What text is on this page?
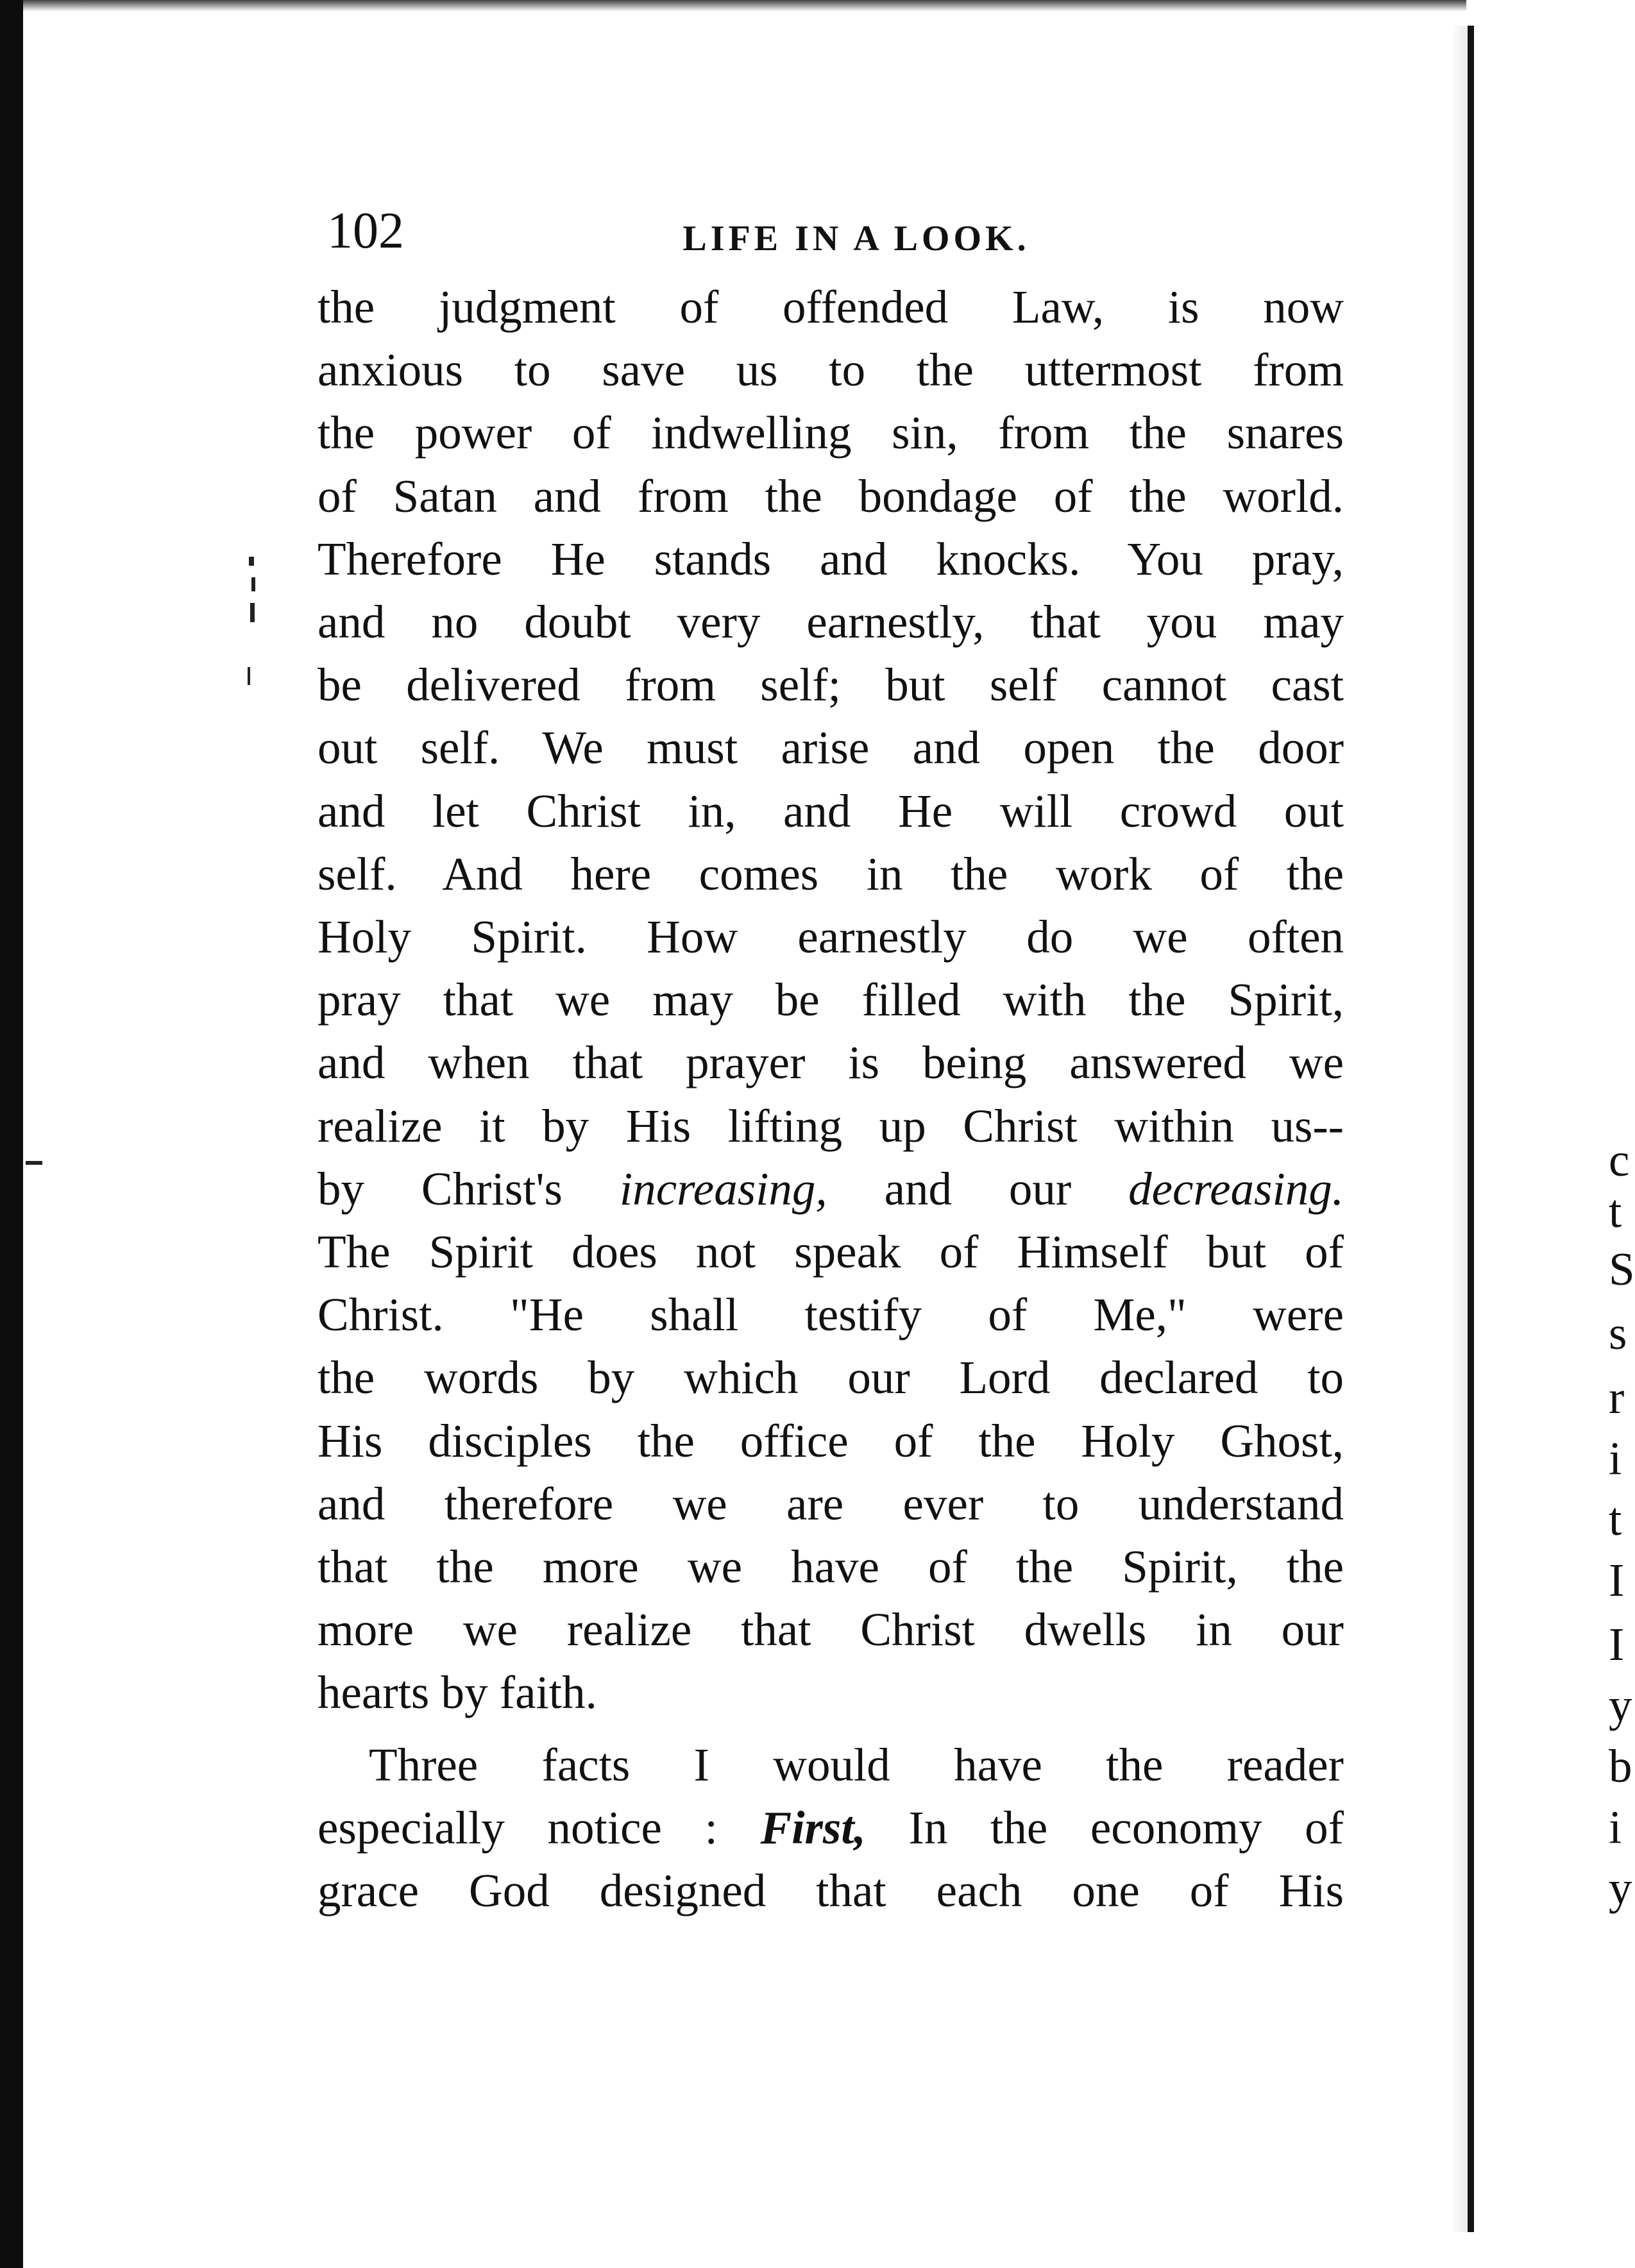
102	LIFE IN A LOOK.
the judgment of offended Law, is now
anxious to save us to the uttermost from
the power of indwelling sin, from the snares
of Satan and from the bondage of the world.
Therefore He stands and knocks. You pray,
and no doubt very earnestly, that you may
be delivered from self; but self cannot cast
out self. We must arise and open the door
and let Christ in, and He will crowd out
self. And here comes in the work of the
Holy Spirit. How earnestly do we often
pray that we may be filled with the Spirit,
and when that prayer is being answered we
realize it by His lifting up Christ within us--
by Christ's increasing, and our decreasing.
The Spirit does not speak of Himself but of
Christ. "He shall testify of Me," were
the words by which our Lord declared to
His disciples the office of the Holy Ghost,
and therefore we are ever to understand
that the more we have of the Spirit, the
more we realize that Christ dwells in our
hearts by faith.
Three facts I would have the reader
especially notice : First, In the economy of
grace God designed that each one of His
c
t
S
s
r
i
t
I
I
y
b
i
y
